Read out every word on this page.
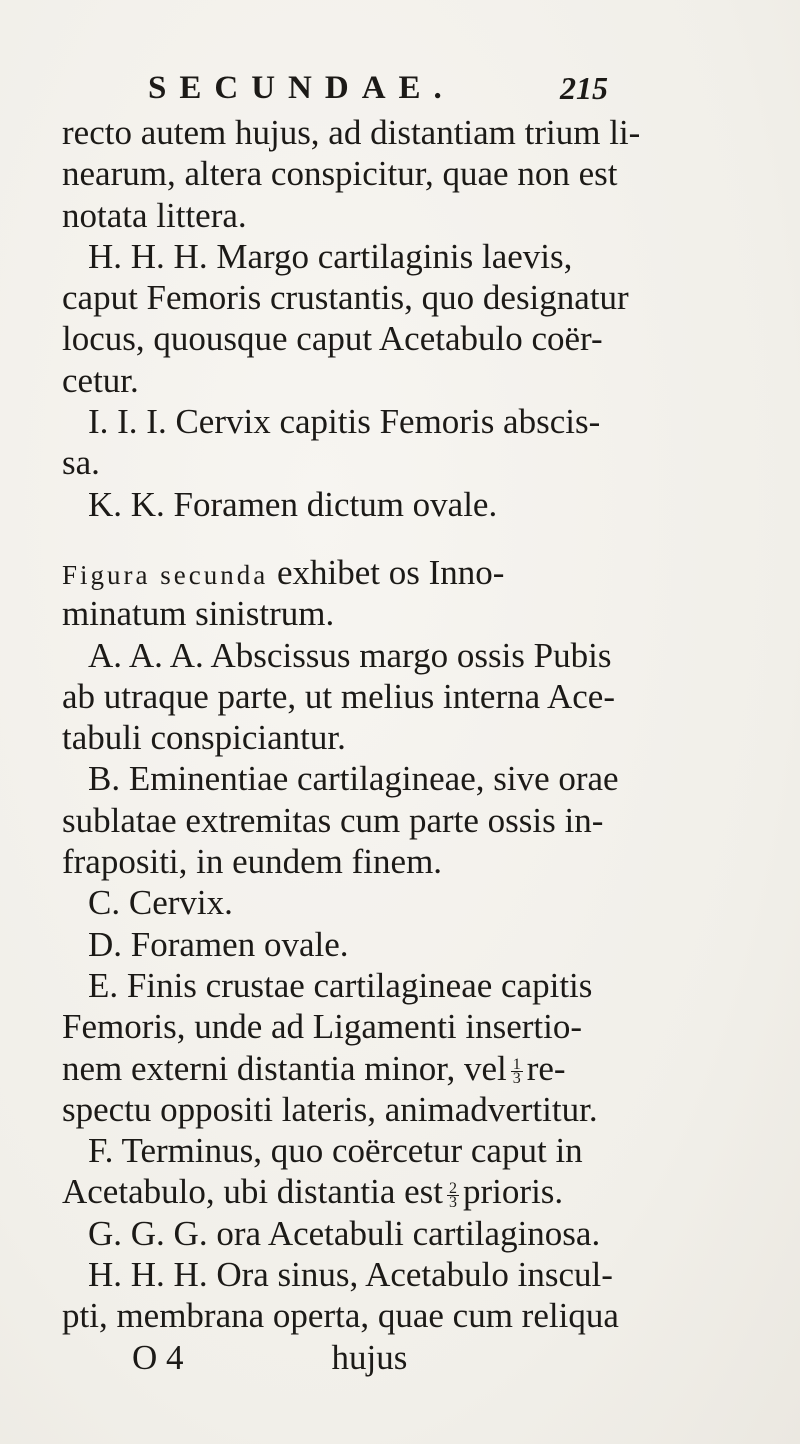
SECUNDAE.	215
recto autem hujus, ad distantiam trium li-
nearum, altera conspicitur, quae non est
notata littera.
H. H. H. Margo cartilaginis laevis,
caput Femoris crustantis, quo designatur
locus, quousque caput Acetabulo coër-
cetur.
I. I. I. Cervix capitis Femoris abscis-
sa.
K. K. Foramen dictum ovale.
Figura secunda exhibet os Inno-
minatum sinistrum.
A. A. A. Abscissus margo ossis Pubis
ab utraque parte, ut melius interna Ace-
tabuli conspiciantur.
B. Eminentiae cartilagineae, sive orae
sublatae extremitas cum parte ossis in-
frapositi, in eundem finem.
C. Cervix.
D. Foramen ovale.
E. Finis crustae cartilagineae capitis
Femoris, unde ad Ligamenti insertio-
nem externi distantia minor, vel $\frac{1}{3} re-$
spectu oppositi lateris, animadvertitur.
F. Terminus, quo coërcetur caput in
Acetabulo, ubi distantia est $\frac{2}{3}$ prioris.
G. G. G. ora Acetabuli cartilaginosa.
H. H. H. Ora sinus, Acetabulo inscul-
pti, membrana operta, quae cum reliqua
O 4	hujus
